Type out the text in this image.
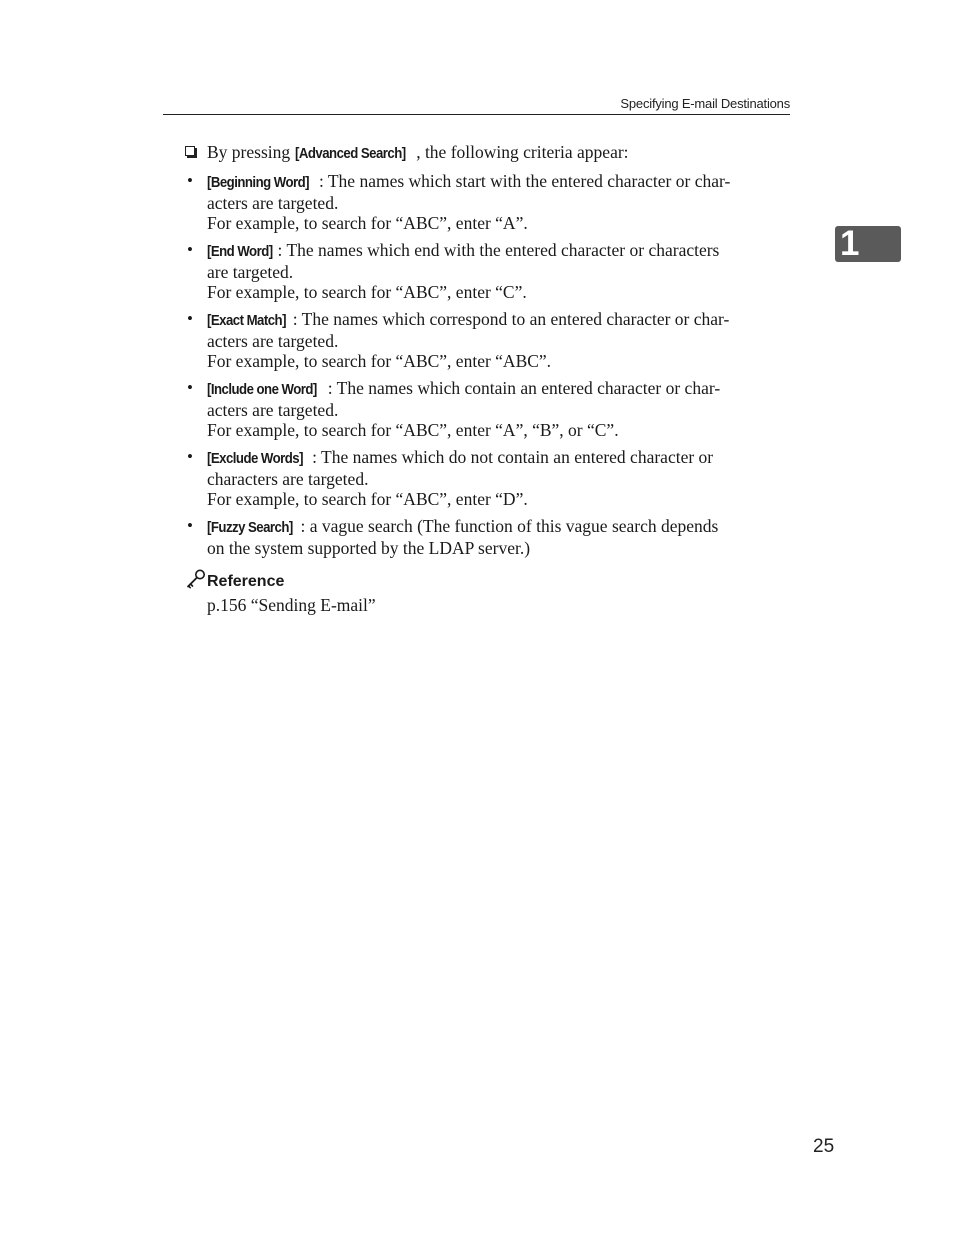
Specifying E-mail Destinations
1
By pressing [Advanced Search] , the following criteria appear:
• [Beginning Word] : The names which start with the entered character or char-
acters are targeted.
For example, to search for “ABC”, enter “A”.
• [End Word] : The names which end with the entered character or characters
are targeted.
For example, to search for “ABC”, enter “C”.
• [Exact Match] : The names which correspond to an entered character or char-
acters are targeted.
For example, to search for “ABC”, enter “ABC”.
• [Include one Word] : The names which contain an entered character or char-
acters are targeted.
For example, to search for “ABC”, enter “A”, “B”, or “C”.
• [Exclude Words] : The names which do not contain an entered character or
characters are targeted.
For example, to search for “ABC”, enter “D”.
• [Fuzzy Search] : a vague search (The function of this vague search depends
on the system supported by the LDAP server.)
Reference
p.156 “Sending E-mail”
25
